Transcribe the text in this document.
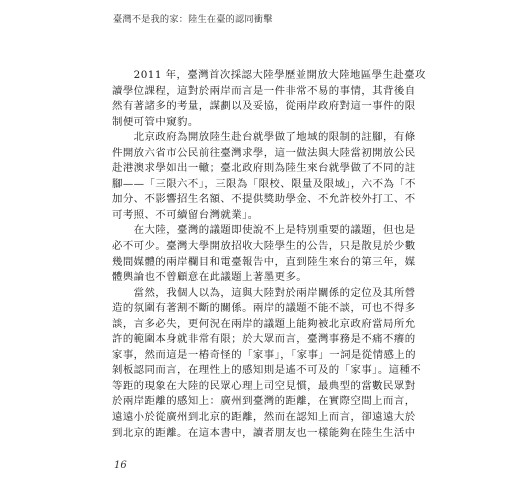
臺灣不是我的家：陸生在臺的認同衝擊
　　2011 年，臺灣首次採認大陸學歷並開放大陸地區學生赴臺攻
讀學位課程，這對於兩岸而言是一件非常不易的事情，其背後自
然有著諸多的考量，謀劃以及妥協，從兩岸政府對這一事件的限
制便可管中窺豹。
　　北京政府為開放陸生赴台就學做了地域的限制的註腳，有條
件開放六省市公民前往臺灣求學，這一做法與大陸當初開放公民
赴港澳求學如出一轍；臺北政府則為陸生來台就學做了不同的註
腳——「三限六不」，三限為「限校、限量及限域」，六不為「不
加分、不影響招生名額、不提供獎助學金、不允許校外打工、不
可考照、不可續留台灣就業」。
　　在大陸，臺灣的議題即使說不上是特別重要的議題，但也是
必不可少。臺灣大學開放招收大陸學生的公告，只是散見於少數
幾間媒體的兩岸欄目和電臺報告中，直到陸生來台的第三年，媒
體輿論也不曾顧意在此議題上著墨更多。
　　當然，我個人以為，這與大陸對於兩岸關係的定位及其所營
造的氛圍有著割不斷的關係。兩岸的議題不能不談，可也不得多
談，言多必失，更何況在兩岸的議題上能夠被北京政府當局所允
許的範圍本身就非常有限；於大眾而言，臺灣事務是不痛不癢的
家事，然而這是一樁奇怪的「家事」，「家事」一詞是從情感上的
剝板認同而言，在理性上的感知則是遙不可及的「家事」。這種不
等距的現象在大陸的民眾心理上司空見慣，最典型的當數民眾對
於兩岸距離的感知上：廣州到臺灣的距離，在實際空間上而言，
遠遠小於從廣州到北京的距離，然而在認知上而言，卻遠遠大於
到北京的距離。在這本書中，讀者朋友也一樣能夠在陸生生活中
16
